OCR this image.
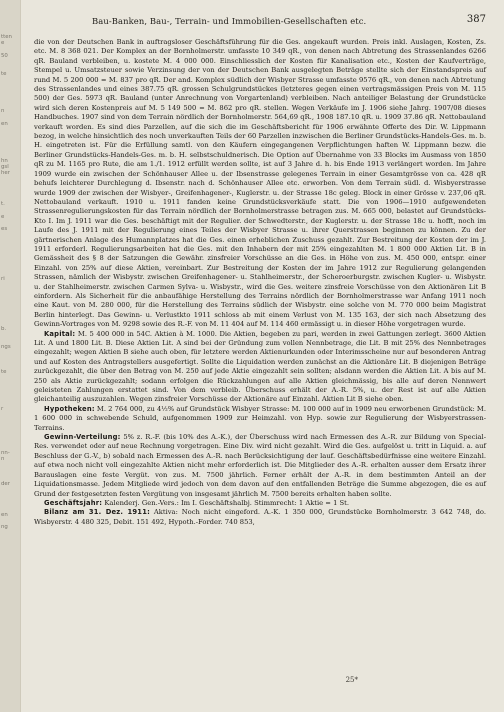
tten
e

50

te

n

en

hn
gsl
her

t.

e

es

ri

b.

ngs

te

r

nn-
n

der

en

ng
Bau-Banken, Bau-, Terrain- und Immobilien-Gesellschaften etc.	387

die von der Deutschen Bank in auftragsloser Geschäftsführung für die Ges. angekauft wurden. Preis inkl. Auslagen, Kosten, Zs. etc. M. 8 368 021. Der Komplex an der Bornholmerstr. umfasste 10 349 qR., von denen nach Abtretung des Strassenlandes 6266 qR. Bauland verbleiben, u. kostete M. 4 000 000. Einschliesslich der Kosten für Kanalisation etc., Kosten der Kaufverträge, Stempel u. Umsatzsteuer sowie Verzinsung der von der Deutschen Bank ausgelegten Beträge stellte sich der Einstandspreis auf rund M. 5 200 000 = M. 837 pro qR. Der and. Komplex südlich der Wisbyer Strasse umfasste 9576 qR., von denen nach Abtretung des Strassenlandes und eines 387.75 qR. grossen Schulgrundstückes (letzteres gegen einen vertragsmässigen Preis von M. 115 500) der Ges. 5973 qR. Bauland (unter Anrechnung von Vorgartenland) verbleiben. Nach anteiliger Belastung der Grundstücke wird sich deren Kostenpreis auf M. 5 149 500 = M. 862 pro qR. stellen. Wegen Verkäufe im J. 1906 siehe Jahrg. 1907/08 dieses Handbuches. 1907 sind von dem Terrain nördlich der Bornholmerstr. 564,69 qR., 1908 187.10 qR. u. 1909 37.86 qR. Nettobauland verkauft worden. Es sind dies Parzellen, auf die sich die im Geschäftsbericht für 1906 erwähnte Offerte des Dir. W. Lippmann bezog, in welche hinsichtlich des noch unverkauften Teils der 60 Parzellen inzwischen die Berliner Grundstücks-Handels-Ges. m. b. H. eingetreten ist. Für die Erfüllung samtl. von den Käufern eingegangenen Verpflichtungen haften W. Lippmann bezw. die Berliner Grundstücks-Handels-Ges. m. b. H. selbstschuldnerisch. Die Option auf Übernahme von 33 Blocks im Ausmass von 1850 qR zu M. 1165 pro Rute, die am 1./1. 1912 erfüllt werden sollte, ist auf 3 Jahre d. h. bis Ende 1913 verlängert worden. Im Jahre 1909 wurde ein zwischen der Schönhauser Allee u. der Ibsenstrasse gelegenes Terrain in einer Gesamtgrösse von ca. 428 qR behufs leichterer Durchlegung d. Ibsenstr. nach d. Schönhauser Allee etc. erworben. Von dem Terrain südl. d. Wisbyerstrasse wurde 1909 der zwischen der Wisbyer-, Greifenhagener-, Kuglerstr. u. der Strasse 18c geleg. Block in einer Grösse v. 237,06 qR. Nettobauland verkauft. 1910 u. 1911 fanden keine Grundstücksverkäufe statt. Die von 1906—1910 aufgewendeten Strassenregulierungskosten für das Terrain nördlich der Bornholmerstrasse betragen zus. M. 665 000, belastet auf Grundstücks-Kto I. Im J. 1911 war die Ges. beschäftigt mit der Regulier. der Schwedterstr., der Kuglerstr. u. der Strasse 18c u. hofft, noch im Laufe des J. 1911 mit der Regulierung eines Teiles der Wisbyer Strasse u. ihrer Querstrassen beginnen zu können. Zu der gärtnerischen Anlage des Humannplatzes hat die Ges. einen erheblichen Zuschuss gezahlt. Zur Bestreitung der Kosten der im J. 1911 erforderl. Regulierungsarbeiten hat die Ges. mit den Inhabern der mit 25% eingezahlten M. 1 800 000 Aktien Lit. B in Gemässheit des § 8 der Satzungen die Gewähr. zinsfreier Vorschüsse an die Ges. in Höhe von zus. M. 450 000, entspr. einer Einzahl. von 25% auf diese Aktien, vereinbart. Zur Bestreitung der Kosten der im Jahre 1912 zur Regulierung gelangenden Strassen, nämlich der Wisbystr. zwischen Greifenhagener- u. Stahlheimerstr., der Scheroerburgstr. zwischen Kugler- u. Wisbystr. u. der Stahlheimerstr. zwischen Carmen Sylva- u. Wisbystr., wird die Ges. weitere zinsfreie Vorschüsse von den Aktionären Lit B einfordern. Als Sicherheit für die anbaufähige Herstellung des Terrains nördlich der Bornholmerstrasse war Anfang 1911 noch eine Kaut. von M. 280 000, für die Herstellung des Terrains südlich der Wisbystr. eine solche von M. 770 000 beim Magistrat Berlin hinterlegt. Das Gewinn- u. Verlustkto 1911 schloss ab mit einem Verlust von M. 135 163, der sich nach Absetzung des Gewinn-Vortrages von M. 9298 sowie des R.-F. von M. 11 404 auf M. 114 460 ermässigt u. in dieser Höhe vorgetragen wurde.

Kapital: M. 5 400 000 in 54C. Aktien à M. 1000. Die Aktien, begeben zu pari, werden in zwei Gattungen zerlegt. 3600 Aktien Lit. A und 1800 Lit. B. Diese Aktien Lit. A sind bei der Gründung zum vollen Nennbetrage, die Lit. B mit 25% des Nennbetrages eingezahlt; wegen Aktien B siehe auch oben, für letztere werden Aktienurkunden oder Interimsscheine nur auf besonderen Antrag und auf Kosten des Antragstellers ausgefertigt. Sollte die Liquidation werden zunächst an die Aktionäre Lit. B diejenigen Beträge zurückgezahlt, die über den Betrag von M. 250 auf jede Aktie eingezahlt sein sollten; alsdann werden die Aktien Lit. A bis auf M. 250 als Aktie zurückgezahlt; sodann erfolgen die Rückzahlungen auf alle Aktien gleichmässig, bis alle auf deren Nennwert geleisteten Zahlungen erstattet sind. Von dem verbleib. Überschuss erhält der A.-R. 5%, u. der Rest ist auf alle Aktien gleichanteilig auszuzahlen. Wegen zinsfreier Vorschüsse der Aktionäre auf Einzahl. Aktien Lit B siehe oben.

Hypotheken: M. 2 764 000, zu 4½% auf Grundstück Wisbyer Strasse: M. 100 000 auf in 1909 neu erworbenen Grundstück: M. 1 600 000 in schwebende Schuld, aufgenommen 1909 zur Heimzahl. von Hyp. sowie zur Regulierung der Wisbyerstrassen-Terrains.

Gewinn-Verteilung: 5% z. R.-F. (bis 10% des A.-K.), der Überschuss wird nach Ermessen des A.-R. zur Bildung von Special-Res. verwendet oder auf neue Rechnung vorgetragen. Eine Div. wird nicht gezahlt. Wird die Ges. aufgelöst u. tritt in Liquid. a. auf Beschluss der G.-V., b) sobald nach Ermessen des A.-R. nach Berücksichtigung der lauf. Geschäftsbedürfnisse eine weitere Einzahl. auf etwa noch nicht voll eingezahlte Aktien nicht mehr erforderlich ist. Die Mitglieder des A.-R. erhalten ausser dem Ersatz ihrer Barauslagen eine feste Vergüt. von zus. M. 7500 jährlich. Ferner erhält der A.-R. in dem bestimmten Anteil an der Liquidationsmasse. Jedem Mitgliede wird jedoch von dem davon auf den entfallenden Beträge die Summe abgezogen, die es auf Grund der festgesetzten festen Vergütung von insgesamt jährlich M. 7500 bereits erhalten haben sollte.

Geschäftsjahr: Kalenderj. Gen.-Vers.: Im I. Geschäftshalbj. Stimmrecht: 1 Aktie = 1 St.

Bilanz am 31. Dez. 1911: Aktiva: Noch nicht eingeford. A.-K. 1 350 000, Grundstücke Bornholmerstr. 3 642 748, do. Wisbyerstr. 4 480 325, Debit. 151 492, Hypoth.-Forder. 740 853,

25*
